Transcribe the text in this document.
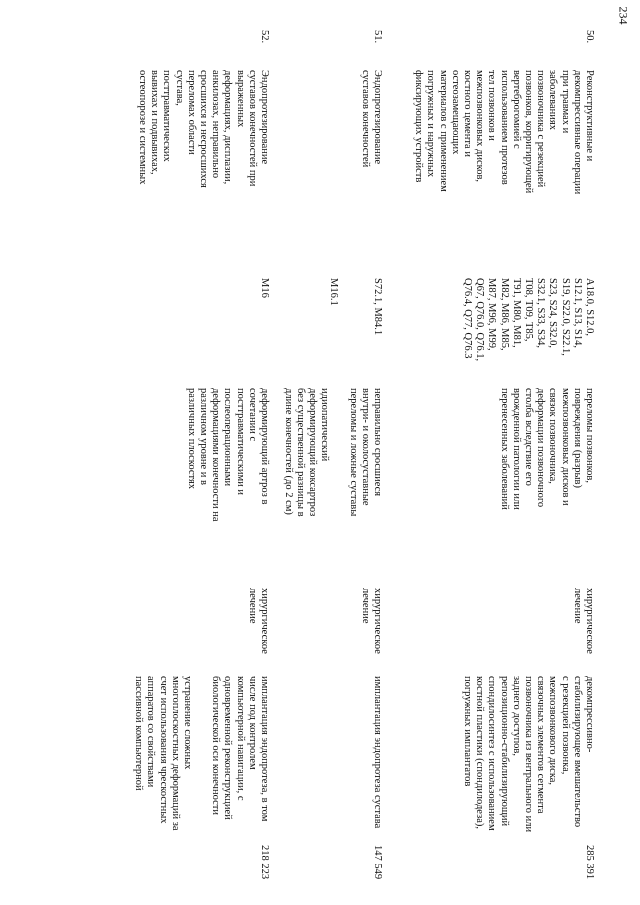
234
50.
Реконструктивные и
декомпрессивные операции
при травмах и
заболеваниях
позвоночника с резекцией
позвонков, корригирующей
вертеброгомией с
использованием протезов
тел позвонков и
межпозвонковых дисков,
костного цемента и
остеозамещающих
материалов с применением
погружных и наружных
фиксирующих устройств
A18.0, S12.0,
S12.1, S13, S14,
S19, S22.0, S22.1,
S23, S24, S32.0,
S32.1, S33, S34,
T08, T09, T85,
T91, M80, M81,
M82, M86, M85,
M87, M96, M99,
Q67, Q76.0, Q76.1,
Q76.4, Q77, Q76.3
переломы позвонков,
повреждения (разрыв)
межпозвонковых дисков и
связок позвоночника,
деформации позвоночного
столба вследствие его
врожденной патологии или
перенесенных заболеваний
хирургическое
лечение
декомпрессивно-
стабилизирующее вмешательство
с резекцией позвонка,
межпозвонкового диска,
связочных элементов сегмента
позвоночника из вентрального или
заднего доступов,
репозиционно-стабилизирующий
спондилосинтез с использованием
костной пластики (спондилодеза),
погружных имплантатов
285 391
51.
Эндопротезирование
суставов конечностей
S72.1, M84.1
M16.1
неправильно сросшиеся
внутри- и околосуставные
переломы и ложные суставы
идиопатический
деформирующий коксартроз
без существенной разницы в
длине конечностей (до 2 см)
хирургическое
лечение
имплантация эндопротеза сустава
147 549
52.
Эндопротезирование
суставов конечностей при
выраженных
деформациях, дисплазии,
анкилозах, неправильно
сросшихся и несросшихся
переломах области
сустава,
посттравматических
вывихах и подвывихах,
остеопорозе и системных
M16
деформирующий артроз в
сочетании с
посттравматическими и
послеоперационными
деформациями конечности на
различном уровне и в
различных плоскостях
хирургическое
лечение
имплантация эндопротеза, в том
числе под контролем
компьютерной навигации, с
одновременной реконструкцией
биологической оси конечности
устранение сложных
многоплоскостных деформаций за
счет использования чрескостных
аппаратов со свойствами
пассивной компьютерной
218 223
